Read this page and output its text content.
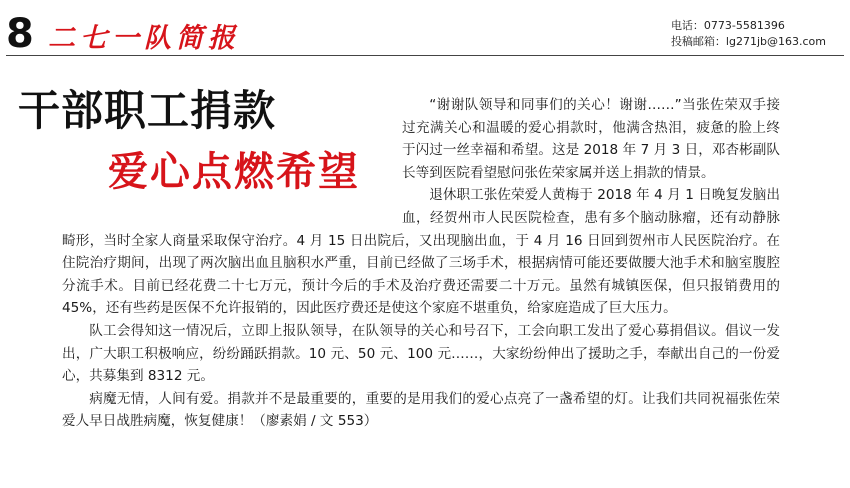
8 二七一队简报	电话：0773-5581396
投稿邮箱：lg271jb@163.com
干部职工捐款
爱心点燃希望

“谢谢队领导和同事们的关心！谢谢……”当张佐荣双手接过充满关心和温暖的爱心捐款时，他满含热泪，疲惫的脸上终于闪过一丝幸福和希望。这是 2018 年 7 月 3 日，邓杏彬副队长等到医院看望慰问张佐荣家属并送上捐款的情景。

退休职工张佐荣爱人黄梅于 2018 年 4 月 1 日晚复发脑出血，经贺州市人民医院检查，患有多个脑动脉瘤，还有动静脉畸形，当时全家人商量采取保守治疗。4 月 15 日出院后，又出现脑出血，于 4 月 16 日回到贺州市人民医院治疗。在住院治疗期间，出现了两次脑出血且脑积水严重，目前已经做了三场手术，根据病情可能还要做腰大池手术和脑室腹腔分流手术。目前已经花费二十七万元，预计今后的手术及治疗费还需要二十万元。虽然有城镇医保，但只报销费用的 45%，还有些药是医保不允许报销的，因此医疗费还是使这个家庭不堪重负，给家庭造成了巨大压力。

队工会得知这一情况后，立即上报队领导，在队领导的关心和号召下，工会向职工发出了爱心募捐倡议。倡议一发出，广大职工积极响应，纷纷踊跃捐款。10 元、50 元、100 元……，大家纷纷伸出了援助之手，奉献出自己的一份爱心，共募集到 8312 元。

病魔无情，人间有爱。捐款并不是最重要的，重要的是用我们的爱心点亮了一盏希望的灯。让我们共同祝福张佐荣爱人早日战胜病魔，恢复健康！（廖素娟 / 文 553）
